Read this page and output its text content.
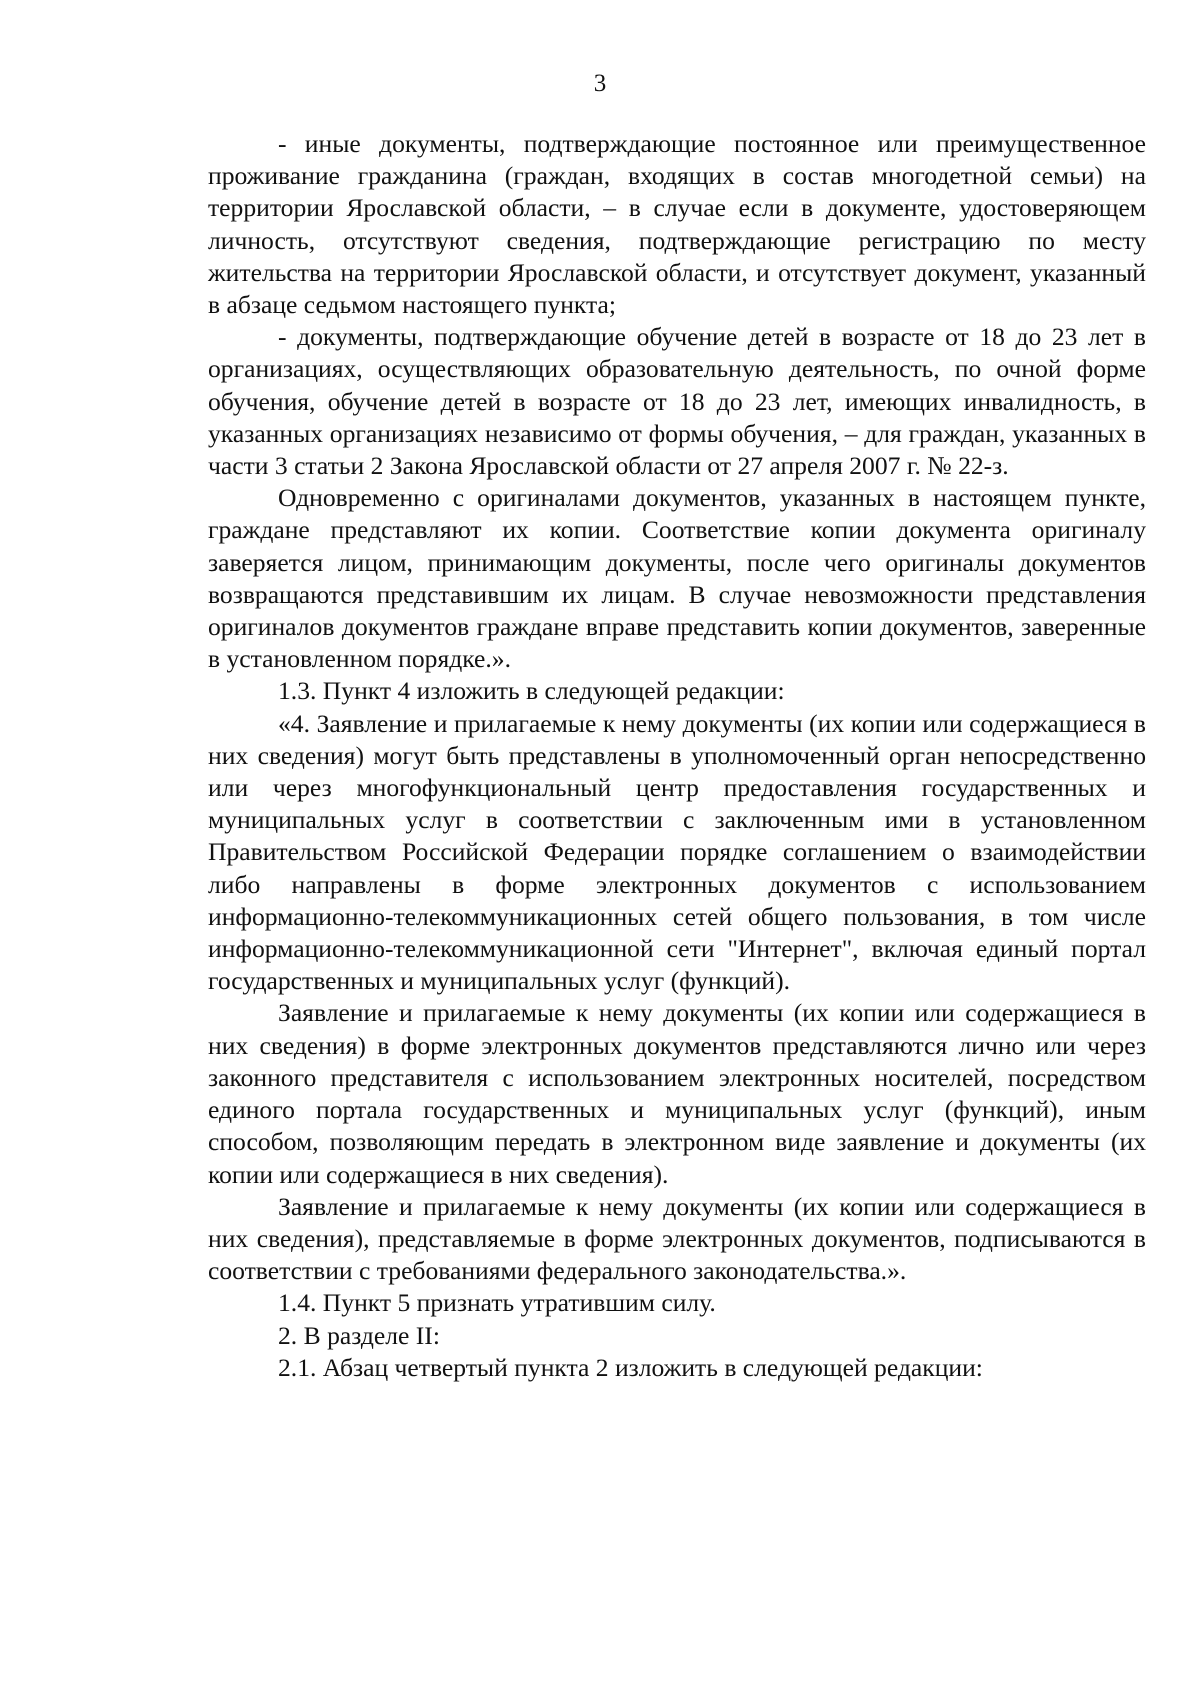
3

- иные документы, подтверждающие постоянное или преимущественное проживание гражданина (граждан, входящих в состав многодетной семьи) на территории Ярославской области, – в случае если в документе, удостоверяющем личность, отсутствуют сведения, подтверждающие регистрацию по месту жительства на территории Ярославской области, и отсутствует документ, указанный в абзаце седьмом настоящего пункта;

- документы, подтверждающие обучение детей в возрасте от 18 до 23 лет в организациях, осуществляющих образовательную деятельность, по очной форме обучения, обучение детей в возрасте от 18 до 23 лет, имеющих инвалидность, в указанных организациях независимо от формы обучения, – для граждан, указанных в части 3 статьи 2 Закона Ярославской области от 27 апреля 2007 г. № 22-з.

Одновременно с оригиналами документов, указанных в настоящем пункте, граждане представляют их копии. Соответствие копии документа оригиналу заверяется лицом, принимающим документы, после чего оригиналы документов возвращаются представившим их лицам. В случае невозможности представления оригиналов документов граждане вправе представить копии документов, заверенные в установленном порядке.».

1.3. Пункт 4 изложить в следующей редакции:

«4. Заявление и прилагаемые к нему документы (их копии или содержащиеся в них сведения) могут быть представлены в уполномоченный орган непосредственно или через многофункциональный центр предоставления государственных и муниципальных услуг в соответствии с заключенным ими в установленном Правительством Российской Федерации порядке соглашением о взаимодействии либо направлены в форме электронных документов с использованием информационно-телекоммуникационных сетей общего пользования, в том числе информационно-телекоммуникационной сети "Интернет", включая единый портал государственных и муниципальных услуг (функций).

Заявление и прилагаемые к нему документы (их копии или содержащиеся в них сведения) в форме электронных документов представляются лично или через законного представителя с использованием электронных носителей, посредством единого портала государственных и муниципальных услуг (функций), иным способом, позволяющим передать в электронном виде заявление и документы (их копии или содержащиеся в них сведения).

Заявление и прилагаемые к нему документы (их копии или содержащиеся в них сведения), представляемые в форме электронных документов, подписываются в соответствии с требованиями федерального законодательства.».

1.4. Пункт 5 признать утратившим силу.

2. В разделе II:

2.1. Абзац четвертый пункта 2 изложить в следующей редакции:
